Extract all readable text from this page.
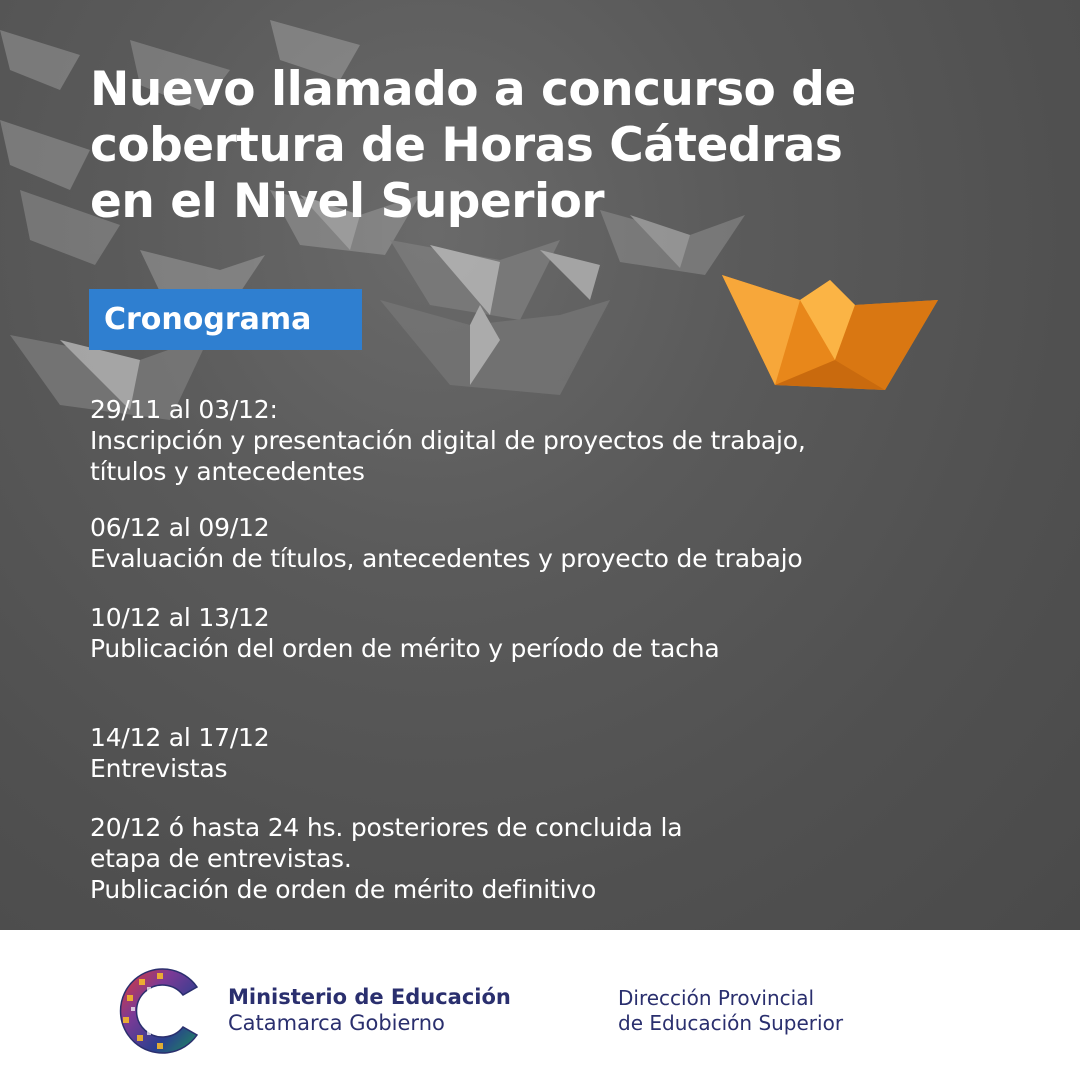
Nuevo llamado a concurso de
cobertura de Horas Cátedras
en el Nivel Superior
Cronograma
29/11 al 03/12:
Inscripción y presentación digital de proyectos de trabajo,
títulos y antecedentes
06/12 al 09/12
Evaluación de títulos, antecedentes y proyecto de trabajo
10/12 al 13/12
Publicación del orden de mérito y período de tacha
14/12 al 17/12
Entrevistas
20/12 ó hasta 24 hs. posteriores de concluida la
etapa de entrevistas.
Publicación de orden de mérito definitivo
Ministerio de Educación
Catamarca Gobierno
Dirección Provincial
de Educación Superior
